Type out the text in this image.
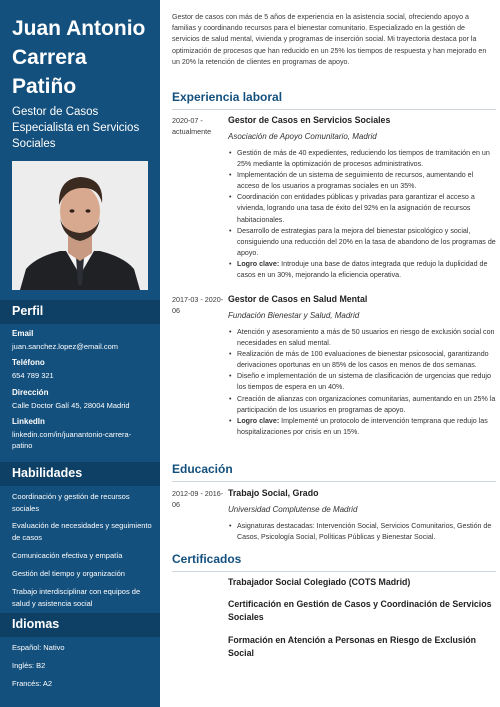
Juan Antonio
Carrera
Patiño
Gestor de Casos
Especialista en Servicios
Sociales
Perfil
Email
juan.sanchez.lopez@email.com
Teléfono
654 789 321
Dirección
Calle Doctor Galí 45, 28004 Madrid
LinkedIn
linkedin.com/in/juanantonio-carrera-patino
Habilidades
Coordinación y gestión de recursos sociales
Evaluación de necesidades y seguimiento de casos
Comunicación efectiva y empatía
Gestión del tiempo y organización
Trabajo interdisciplinar con equipos de salud y asistencia social
Idiomas
Español: Nativo
Inglés: B2
Francés: A2
Gestor de casos con más de 5 años de experiencia en la asistencia social, ofreciendo apoyo a familias y coordinando recursos para el bienestar comunitario. Especializado en la gestión de servicios de salud mental, vivienda y programas de inserción social. Mi trayectoria destaca por la optimización de procesos que han reducido en un 25% los tiempos de respuesta y han mejorado en un 20% la retención de clientes en programas de apoyo.
Experiencia laboral
2020-07 - actualmente
Gestor de Casos en Servicios Sociales
Asociación de Apoyo Comunitario, Madrid
• Gestión de más de 40 expedientes, reduciendo los tiempos de tramitación en un 25% mediante la optimización de procesos administrativos.
• Implementación de un sistema de seguimiento de recursos, aumentando el acceso de los usuarios a programas sociales en un 35%.
• Coordinación con entidades públicas y privadas para garantizar el acceso a vivienda, logrando una tasa de éxito del 92% en la asignación de recursos habitacionales.
• Desarrollo de estrategias para la mejora del bienestar psicológico y social, consiguiendo una reducción del 20% en la tasa de abandono de los programas de apoyo.
• Logro clave: Introduje una base de datos integrada que redujo la duplicidad de casos en un 30%, mejorando la eficiencia operativa.
2017-03 - 2020-06
Gestor de Casos en Salud Mental
Fundación Bienestar y Salud, Madrid
• Atención y asesoramiento a más de 50 usuarios en riesgo de exclusión social con necesidades en salud mental.
• Realización de más de 100 evaluaciones de bienestar psicosocial, garantizando derivaciones oportunas en un 85% de los casos en menos de dos semanas.
• Diseño e implementación de un sistema de clasificación de urgencias que redujo los tiempos de espera en un 40%.
• Creación de alianzas con organizaciones comunitarias, aumentando en un 25% la participación de los usuarios en programas de apoyo.
• Logro clave: Implementé un protocolo de intervención temprana que redujo las hospitalizaciones por crisis en un 15%.
Educación
2012-09 - 2016-06
Trabajo Social, Grado
Universidad Complutense de Madrid
• Asignaturas destacadas: Intervención Social, Servicios Comunitarios, Gestión de Casos, Psicología Social, Políticas Públicas y Bienestar Social.
Certificados
Trabajador Social Colegiado (COTS Madrid)
Certificación en Gestión de Casos y Coordinación de Servicios Sociales
Formación en Atención a Personas en Riesgo de Exclusión Social
